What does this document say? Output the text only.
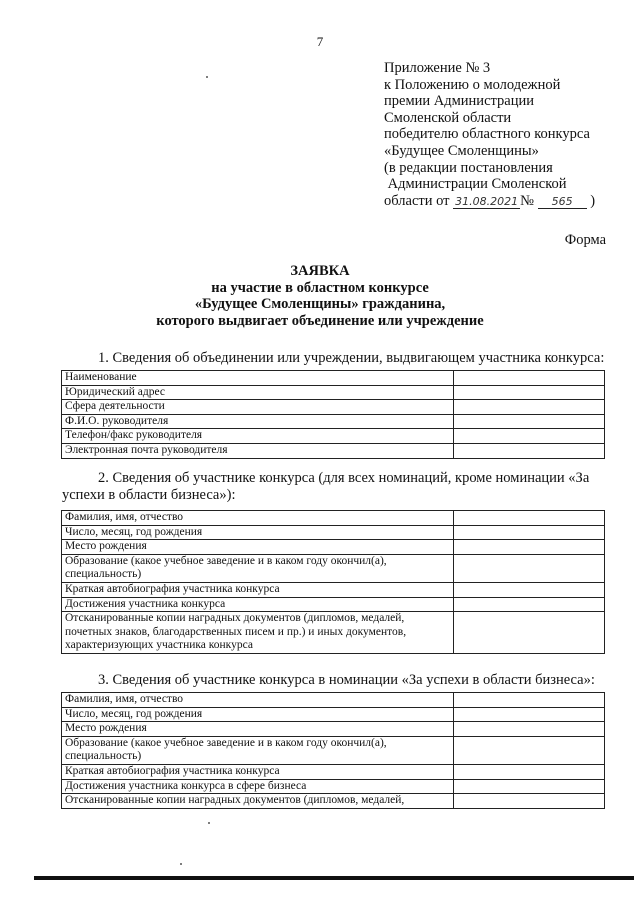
7
Приложение № 3
к Положению о молодежной
премии Администрации
Смоленской области
победителю областного конкурса
«Будущее Смоленщины»
(в редакции постановления
Администрации Смоленской
области от 31.08.2021 № 565 )
Форма
ЗАЯВКА
на участие в областном конкурсе
«Будущее Смоленщины» гражданина,
которого выдвигает объединение или учреждение
1. Сведения об объединении или учреждении, выдвигающем участника конкурса:
Наименование	
Юридический адрес	
Сфера деятельности	
Ф.И.О. руководителя	
Телефон/факс руководителя	
Электронная почта руководителя	
2. Сведения об участнике конкурса (для всех номинаций, кроме номинации «За успехи в области бизнеса»):
Фамилия, имя, отчество	
Число, месяц, год рождения	
Место рождения	
Образование (какое учебное заведение и в каком году окончил(а), специальность)	
Краткая автобиография участника конкурса	
Достижения участника конкурса	
Отсканированные копии наградных документов (дипломов, медалей, почетных знаков, благодарственных писем и пр.) и иных документов, характеризующих участника конкурса	
3. Сведения об участнике конкурса в номинации «За успехи в области бизнеса»:
Фамилия, имя, отчество	
Число, месяц, год рождения	
Место рождения	
Образование (какое учебное заведение и в каком году окончил(а), специальность)	
Краткая автобиография участника конкурса	
Достижения участника конкурса в сфере бизнеса	
Отсканированные копии наградных документов (дипломов, медалей,	
